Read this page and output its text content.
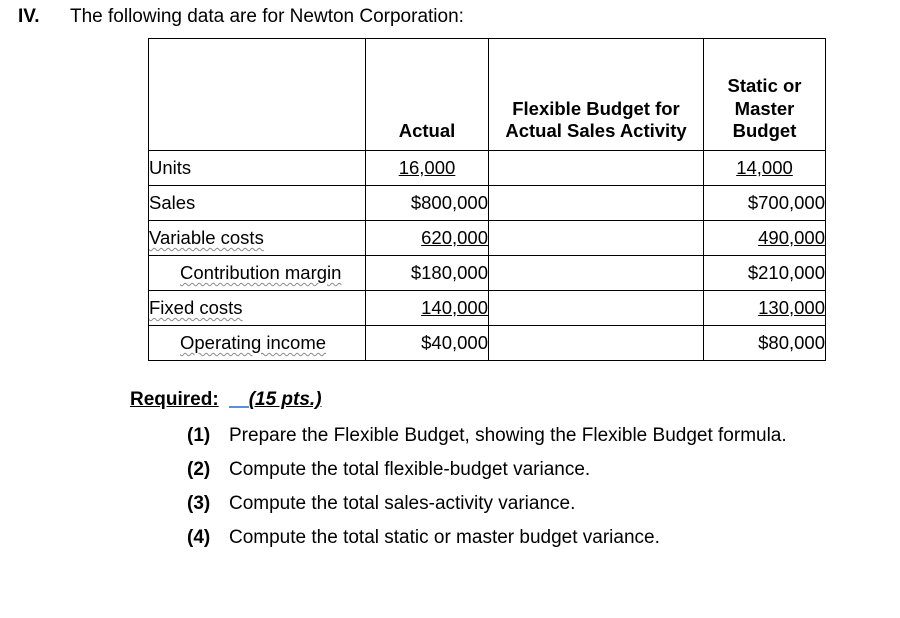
IV. The following data are for Newton Corporation:
	Actual	Flexible Budget for Actual Sales Activity	Static or Master Budget
Units	16,000		14,000
Sales	$800,000		$700,000
Variable costs	620,000		490,000
Contribution margin	$180,000		$210,000
Fixed costs	140,000		130,000
Operating income	$40,000		$80,000
Required: (15 pts.)
(1) Prepare the Flexible Budget, showing the Flexible Budget formula.
(2) Compute the total flexible-budget variance.
(3) Compute the total sales-activity variance.
(4) Compute the total static or master budget variance.
